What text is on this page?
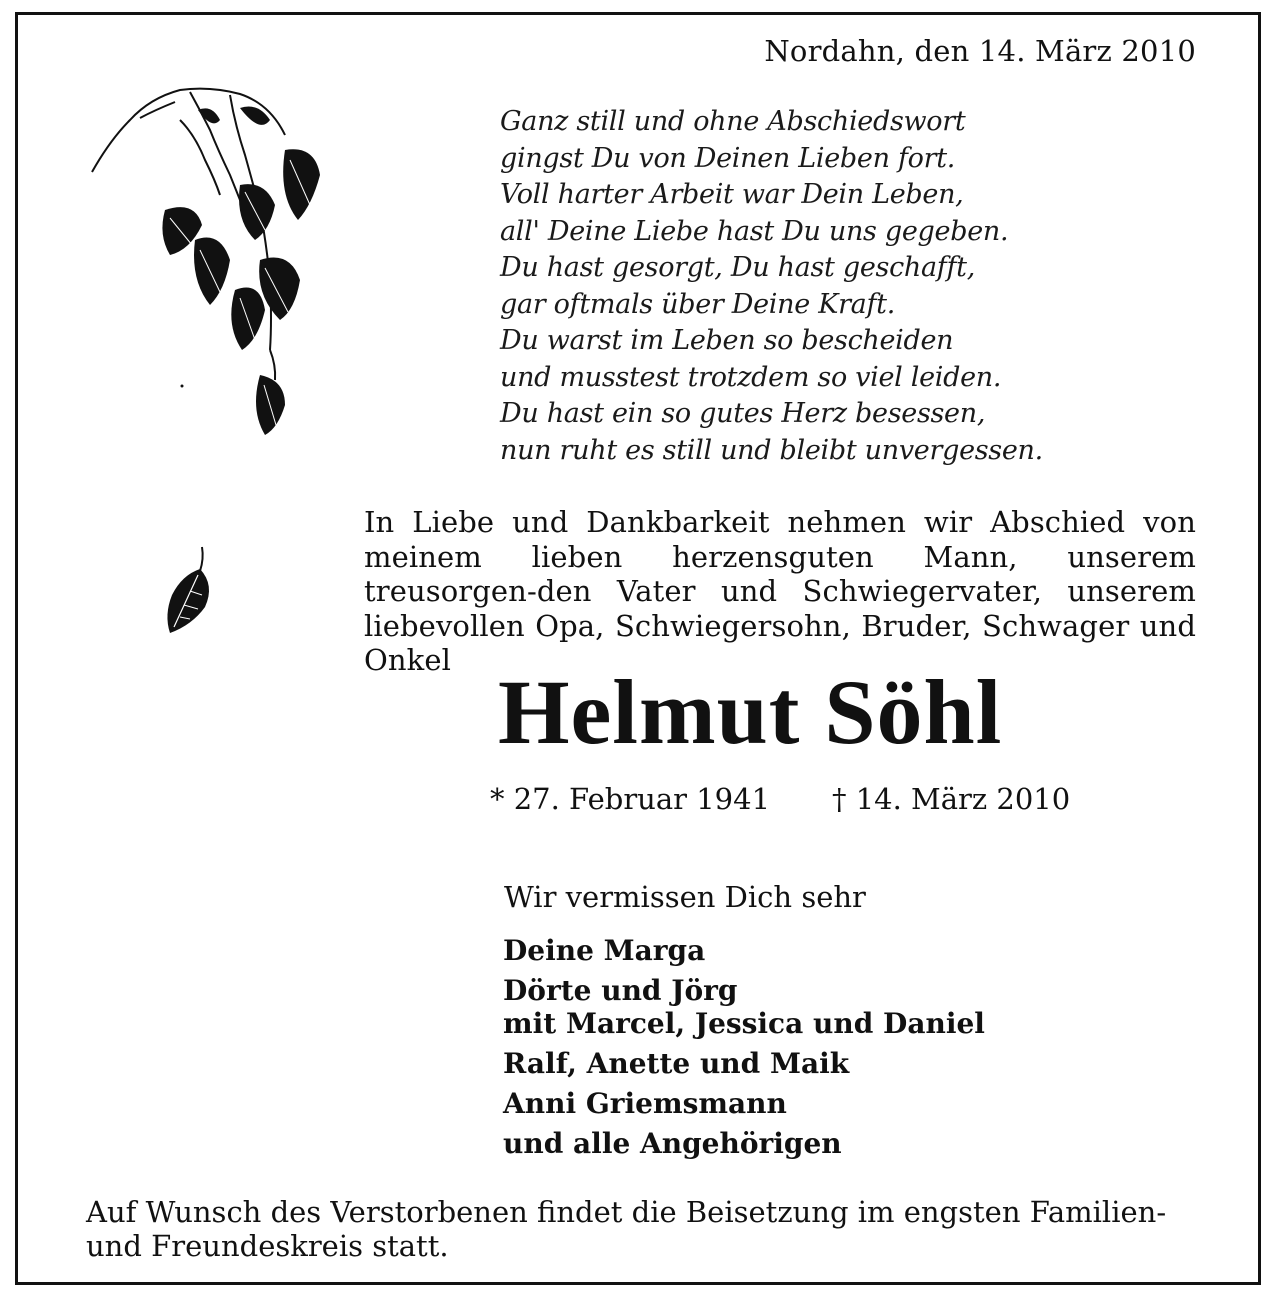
Nordahn, den 14. März 2010
Ganz still und ohne Abschiedswort
gingst Du von Deinen Lieben fort.
Voll harter Arbeit war Dein Leben,
all' Deine Liebe hast Du uns gegeben.
Du hast gesorgt, Du hast geschafft,
gar oftmals über Deine Kraft.
Du warst im Leben so bescheiden
und musstest trotzdem so viel leiden.
Du hast ein so gutes Herz besessen,
nun ruht es still und bleibt unvergessen.
In Liebe und Dankbarkeit nehmen wir Abschied von meinem lieben herzensguten Mann, unserem treusorgen-den Vater und Schwiegervater, unserem liebevollen Opa, Schwiegersohn, Bruder, Schwager und Onkel
Helmut Söhl
* 27. Februar 1941 † 14. März 2010
Wir vermissen Dich sehr
Deine Marga
Dörte und Jörg
mit Marcel, Jessica und Daniel
Ralf, Anette und Maik
Anni Griemsmann
und alle Angehörigen
Auf Wunsch des Verstorbenen findet die Beisetzung im engsten Familien- und Freundeskreis statt.
